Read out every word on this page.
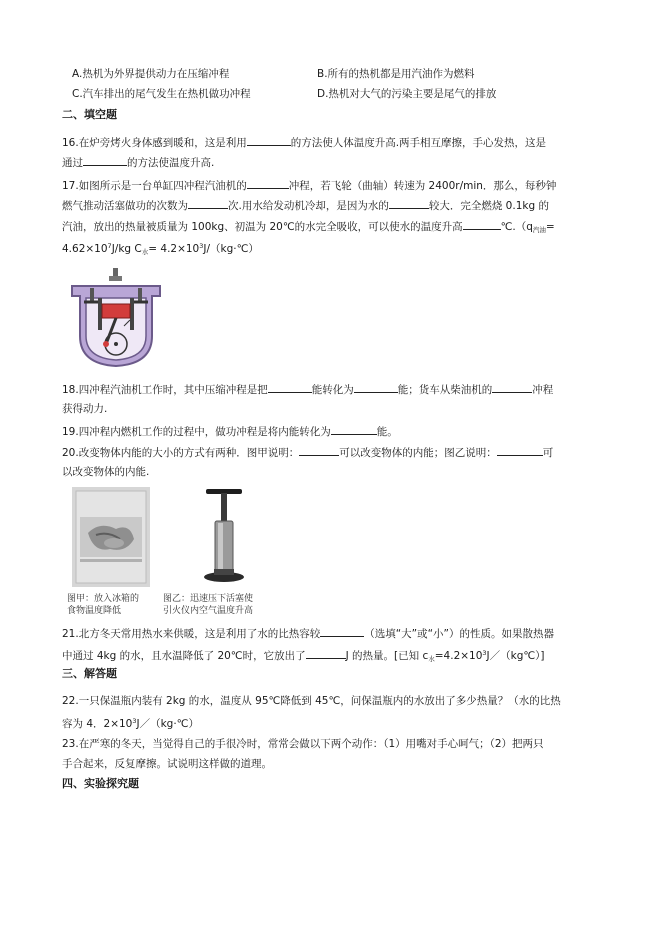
A.热机为外界提供动力在压缩冲程	B.所有的热机都是用汽油作为燃料
C.汽车排出的尾气发生在热机做功冲程	D.热机对大气的污染主要是尾气的排放
二、填空题
16.在炉旁烤火身体感到暖和，这是利用	的方法使人体温度升高.两手相互摩擦，手心发热，这是
通过	的方法使温度升高.
17.如图所示是一台单缸四冲程汽油机的	冲程，若飞轮（曲轴）转速为 2400r/min．那么，每秒钟
燃气推动活塞做功的次数为	次.用水给发动机冷却，是因为水的	较大．完全燃烧 0.1kg 的
汽油，放出的热量被质量为 100kg、初温为 20℃的水完全吸收，可以使水的温度升高	$℃.(q_{汽油}=$
$4.62\times 10^7J/kg$ $C_水=$ $4.2\times 10^3J/(kg\cdot℃)$
18.四冲程汽油机工作时，其中压缩冲程是把	能转化为	能；货车从柴油机的	冲程
获得动力.
19.四冲程内燃机工作的过程中，做功冲程是将内能转化为	能。
20.改变物体内能的大小的方式有两种．图甲说明：	可以改变物体的内能；图乙说明：	可
以改变物体的内能.
图甲：放入冰箱的
食物温度降低
图乙：迅速压下活塞使
引火仪内空气温度升高
21.北方冬天常用热水来供暖，这是利用了水的比热容较	（选填“大”或“小”）的性质。如果散热器
中通过 4kg 的水，且水温降低了 20℃时，它放出了	J 的热量。[已知 $c_水=4.2\times 10^3J/(kg℃)$]
三、解答题
22.一只保温瓶内装有 2kg 的水，温度从 95℃降低到 45℃，问保温瓶内的水放出了多少热量？（水的比热
容为 4．$2\times 10^3J/(kg\cdot℃)$
23.在严寒的冬天，当觉得自己的手很冷时，常常会做以下两个动作：（1）用嘴对手心呵气；（2）把两只
手合起来，反复摩擦。试说明这样做的道理。
四、实验探究题
